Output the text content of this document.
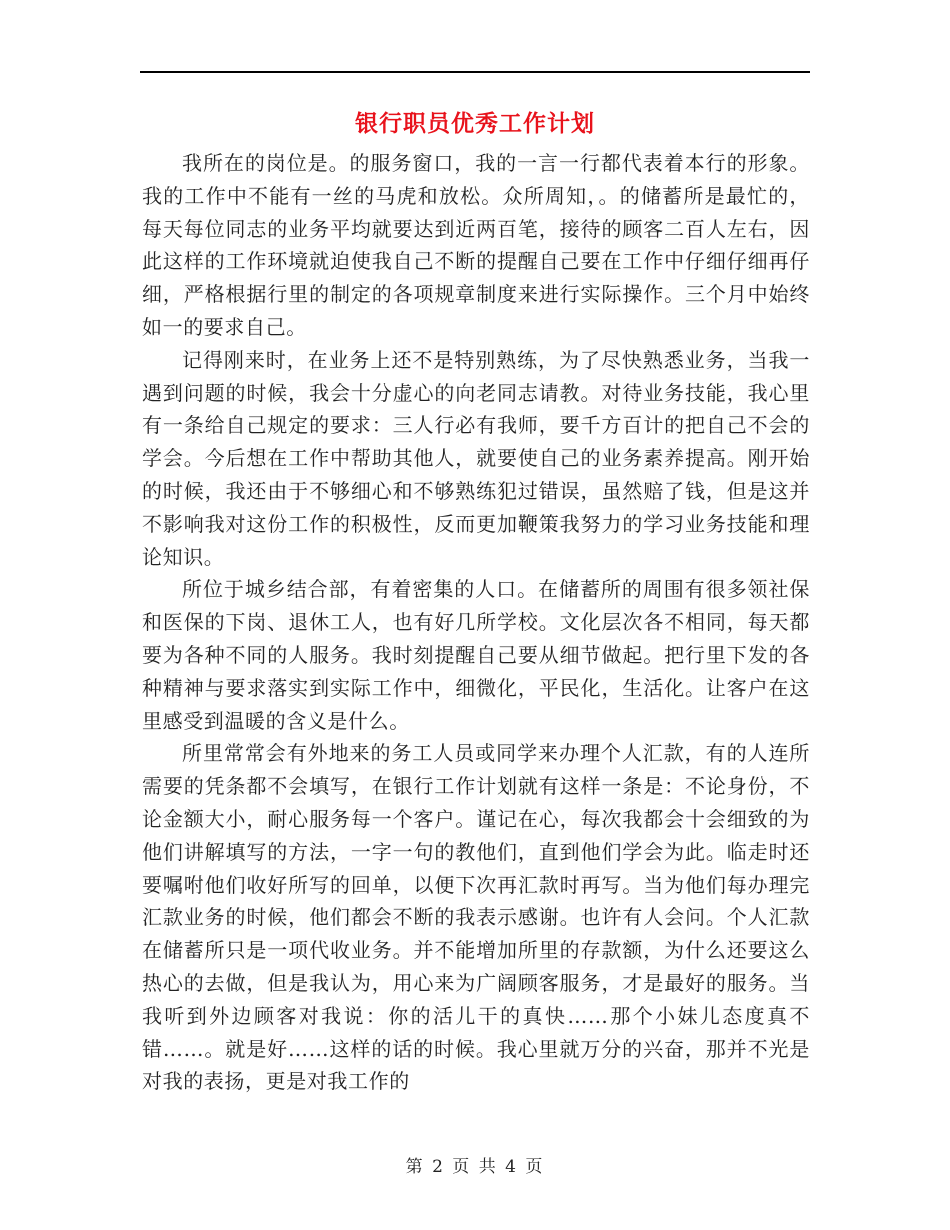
银行职员优秀工作计划

我所在的岗位是。的服务窗口，我的一言一行都代表着本行的形象。我的工作中不能有一丝的马虎和放松。众所周知，。的储蓄所是最忙的，每天每位同志的业务平均就要达到近两百笔，接待的顾客二百人左右，因此这样的工作环境就迫使我自己不断的提醒自己要在工作中仔细仔细再仔细，严格根据行里的制定的各项规章制度来进行实际操作。三个月中始终如一的要求自己。

记得刚来时，在业务上还不是特别熟练，为了尽快熟悉业务，当我一遇到问题的时候，我会十分虚心的向老同志请教。对待业务技能，我心里有一条给自己规定的要求：三人行必有我师，要千方百计的把自己不会的学会。今后想在工作中帮助其他人，就要使自己的业务素养提高。刚开始的时候，我还由于不够细心和不够熟练犯过错误，虽然赔了钱，但是这并不影响我对这份工作的积极性，反而更加鞭策我努力的学习业务技能和理论知识。

所位于城乡结合部，有着密集的人口。在储蓄所的周围有很多领社保和医保的下岗、退休工人，也有好几所学校。文化层次各不相同，每天都要为各种不同的人服务。我时刻提醒自己要从细节做起。把行里下发的各种精神与要求落实到实际工作中，细微化，平民化，生活化。让客户在这里感受到温暖的含义是什么。

所里常常会有外地来的务工人员或同学来办理个人汇款，有的人连所需要的凭条都不会填写，在银行工作计划就有这样一条是：不论身份，不论金额大小，耐心服务每一个客户。谨记在心，每次我都会十会细致的为他们讲解填写的方法，一字一句的教他们，直到他们学会为此。临走时还要嘱咐他们收好所写的回单，以便下次再汇款时再写。当为他们每办理完汇款业务的时候，他们都会不断的我表示感谢。也许有人会问。个人汇款在储蓄所只是一项代收业务。并不能增加所里的存款额，为什么还要这么热心的去做，但是我认为，用心来为广阔顾客服务，才是最好的服务。当我听到外边顾客对我说：你的活儿干的真快……那个小妹儿态度真不错……。就是好……这样的话的时候。我心里就万分的兴奋，那并不光是对我的表扬，更是对我工作的

第 2 页 共 4 页
